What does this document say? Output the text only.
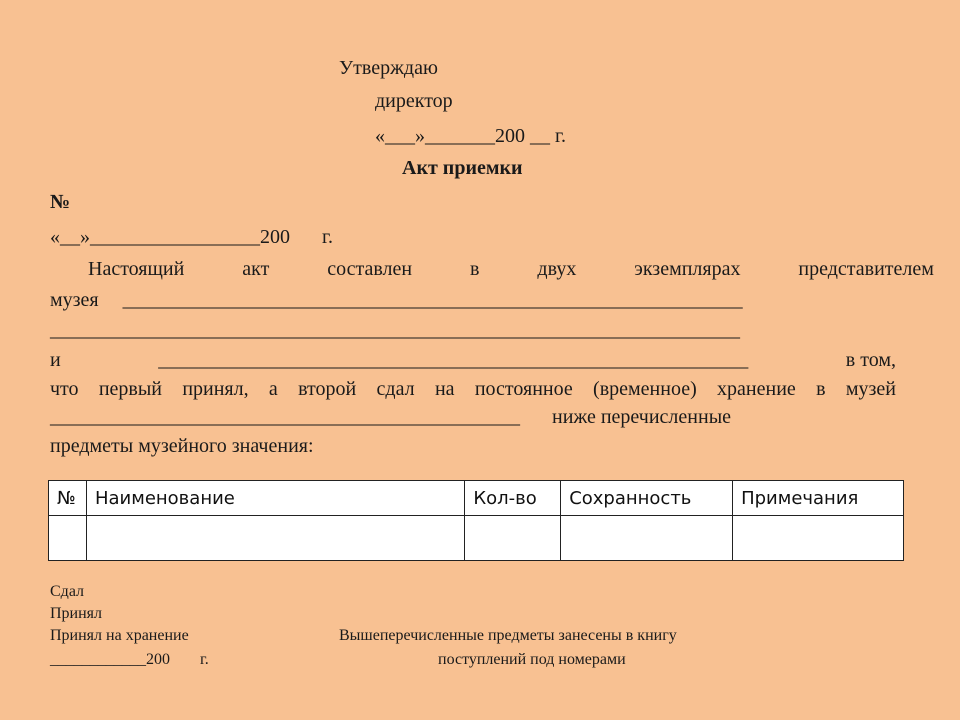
Утверждаю
директор
«___»_______200 __ г.
Акт приемки
№
«__»_________________200 г.
Настоящий	акт	составлен	в	двух	экземплярах	представителем
музея ______________________________________________________________
_____________________________________________________________________
и	___________________________________________________________	в том,
что первый принял, а второй сдал на постоянное (временное) хранение в музей
_______________________________________________ ниже перечисленные
предметы музейного значения:
№	Наименование	Кол-во	Сохранность	Примечания

Сдал
Принял
Принял на хранение
____________200 г.
Вышеперечисленные предметы занесены в книгу
поступлений под номерами
